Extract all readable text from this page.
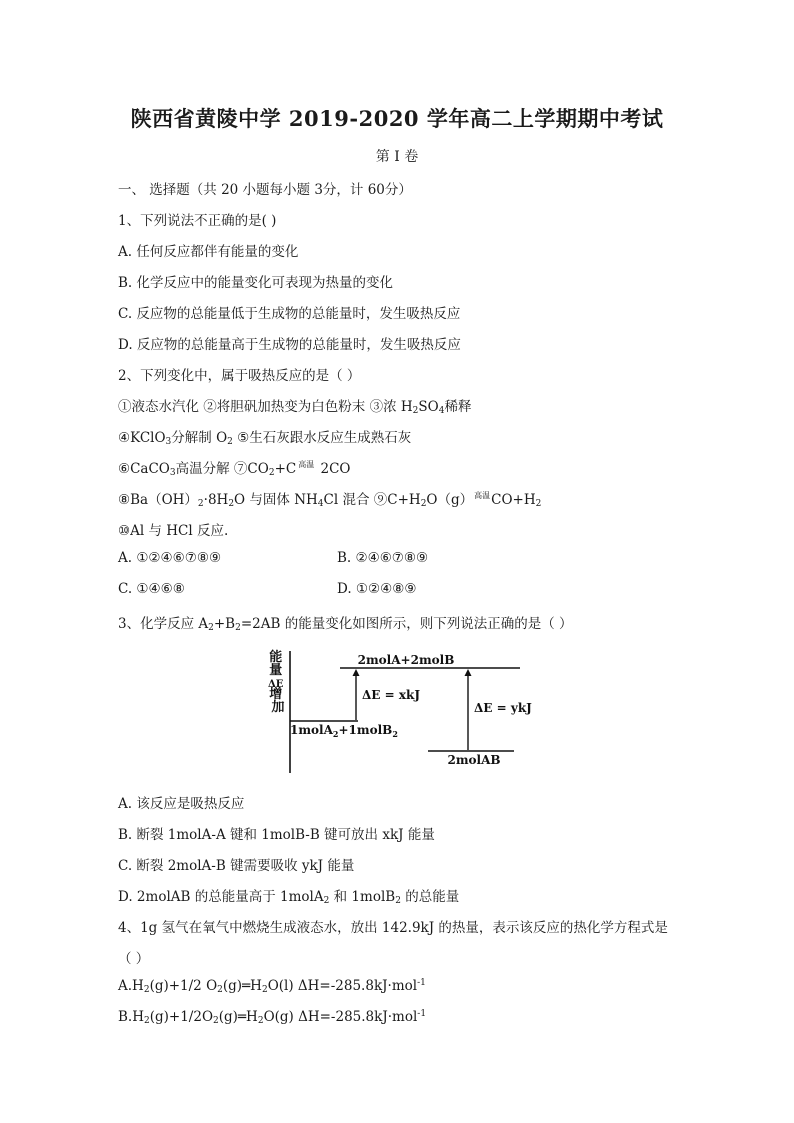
陕西省黄陵中学 2019-2020 学年高二上学期期中考试
第 I 卷
一、 选择题（共 20 小题每小题 3分，计 60分）
1、下列说法不正确的是( )
A. 任何反应都伴有能量的变化
B. 化学反应中的能量变化可表现为热量的变化
C. 反应物的总能量低于生成物的总能量时，发生吸热反应
D. 反应物的总能量高于生成物的总能量时，发生吸热反应
2、下列变化中，属于吸热反应的是（ ）
①液态水汽化 ②将胆矾加热变为白色粉末 ③浓 $H_2SO_4$稀释
④KClO$_3$分解制 $O_2$ ⑤生石灰跟水反应生成熟石灰
⑥CaCO$_3$高温分解 $⑦CO_2+C$ 高温 2CO
$⑧Ba(OH)_2\cdot 8H_2O$ 与固体 $NH_4Cl$ 混合 $⑨C+H_2O(g)$高温$CO+H_2$
⑩Al 与 HCl 反应.
A. ①②④⑥⑦⑧⑨	B. ②④⑥⑦⑧⑨
C. ①④⑥⑧	D. ①②④⑧⑨
3、化学反应 $A_2+B_2=2AB$ 的能量变化如图所示，则下列说法正确的是（ ）
能 量 ΔE 增 加
2molA+2molB
1molA$_2$+1molB$_2$
2molAB
ΔE = xkJ
ΔE = ykJ
A. 该反应是吸热反应
B. 断裂 1molA-A 键和 1molB-B 键可放出 xkJ 能量
C. 断裂 2molA-B 键需要吸收 ykJ 能量
D. 2molAB 的总能量高于 1molA$_2$ 和 1molB$_2$ 的总能量
4、1g 氢气在氧气中燃烧生成液态水，放出 142.9kJ 的热量，表示该反应的热化学方程式是
（ ）
$A.H_2(g)+1/2$ $O_2(g)═H_2O(l)$ ΔH=-285.8kJ·mol$^{-1}$
$B.H_2(g)+1/2O_2(g)═H_2O(g)$ ΔH=-285.8kJ·mol$^{-1}$
